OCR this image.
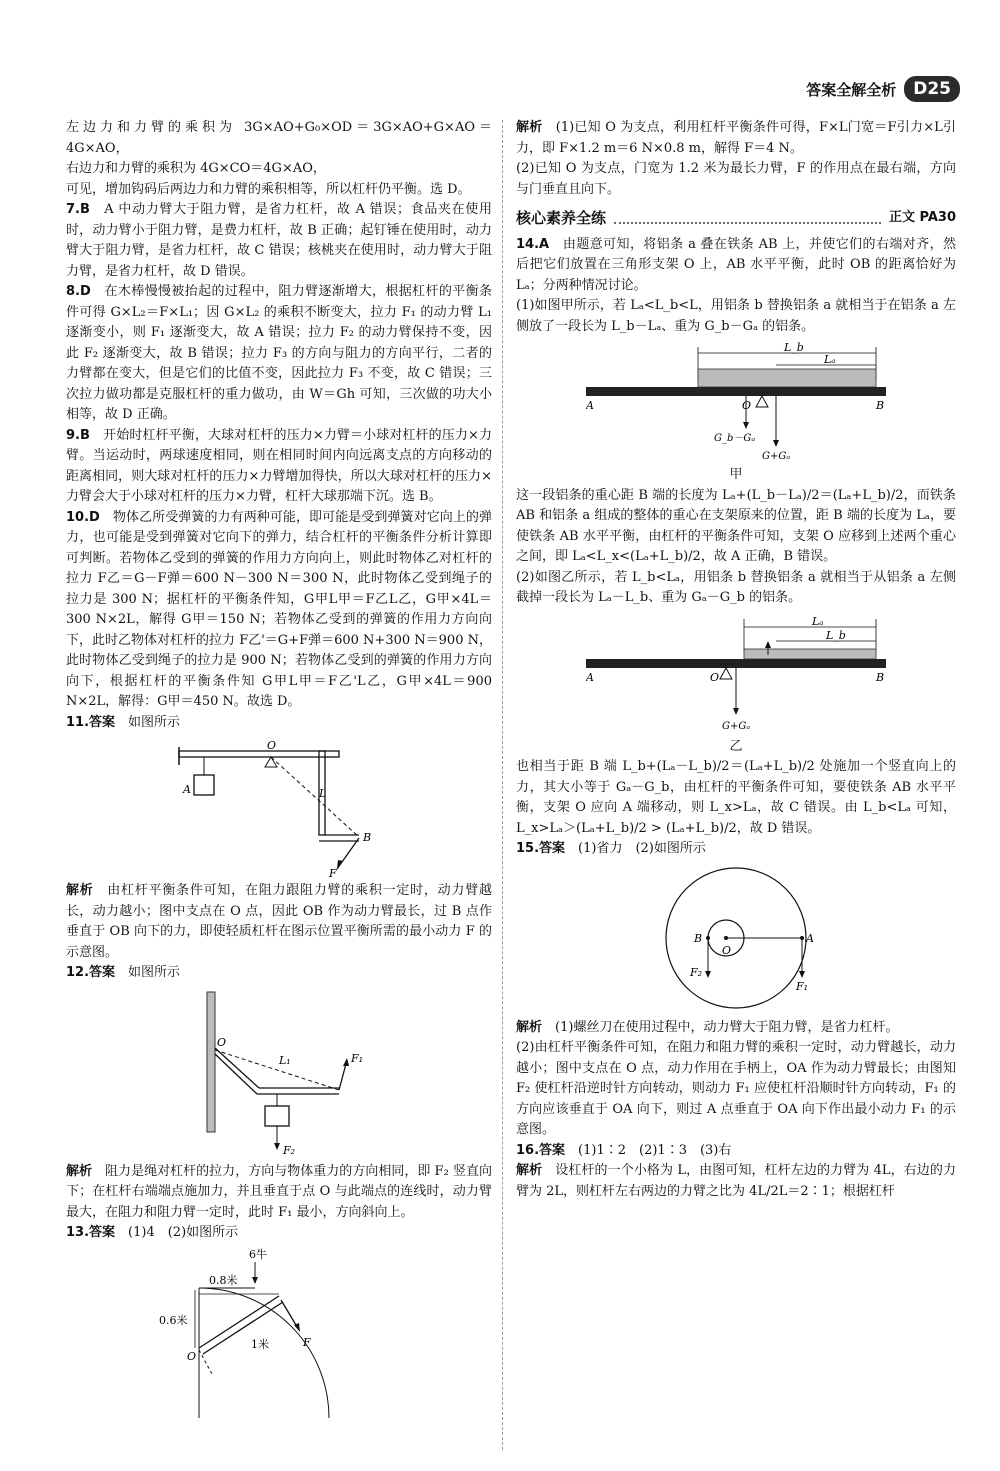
答案全解全析	D25

左边力和力臂的乘积为 3G×AO+G₀×OD＝3G×AO+G×AO＝4G×AO，

右边力和力臂的乘积为 4G×CO＝4G×AO，

可见，增加钩码后两边力和力臂的乘积相等，所以杠杆仍平衡。选 D。

7.B　 A 中动力臂大于阻力臂，是省力杠杆，故 A 错误；食品夹在使用时，动力臂小于阻力臂，是费力杠杆，故 B 正确；起钉锤在使用时，动力臂大于阻力臂，是省力杠杆，故 C 错误；核桃夹在使用时，动力臂大于阻力臂，是省力杠杆，故 D 错误。

8.D　 在木棒慢慢被抬起的过程中，阻力臂逐渐增大，根据杠杆的平衡条件可得 G×L₂＝F×L₁；因 G×L₂ 的乘积不断变大，拉力 F₁ 的动力臂 L₁ 逐渐变小，则 F₁ 逐渐变大，故 A 错误；拉力 F₂ 的动力臂保持不变，因此 F₂ 逐渐变大，故 B 错误；拉力 F₃ 的方向与阻力的方向平行，二者的力臂都在变大，但是它们的比值不变，因此拉力 F₃ 不变，故 C 错误；三次拉力做功都是克服杠杆的重力做功，由 W＝Gh 可知，三次做的功大小相等，故 D 正确。

9.B　 开始时杠杆平衡，大球对杠杆的压力×力臂＝小球对杠杆的压力×力臂。当运动时，两球速度相同，则在相同时间内向远离支点的方向移动的距离相同，则大球对杠杆的压力×力臂增加得快，所以大球对杠杆的压力×力臂会大于小球对杠杆的压力×力臂，杠杆大球那端下沉。选 B。

10.D　 物体乙所受弹簧的力有两种可能，即可能是受到弹簧对它向上的弹力，也可能是受到弹簧对它向下的弹力，结合杠杆的平衡条件分析计算即可判断。若物体乙受到的弹簧的作用力方向向上，则此时物体乙对杠杆的拉力 F乙＝G－F弹＝600 N－300 N＝300 N，此时物体乙受到绳子的拉力是 300 N；据杠杆的平衡条件知，G甲L甲＝F乙L乙，G甲×4L＝300 N×2L，解得 G甲＝150 N；若物体乙受到的弹簧的作用力方向向下，此时乙物体对杠杆的拉力 F乙'＝G+F弹＝600 N+300 N＝900 N，此时物体乙受到绳子的拉力是 900 N；若物体乙受到的弹簧的作用力方向向下，根据杠杆的平衡条件知 G甲L甲＝F乙'L乙，G甲×4L＝900 N×2L，解得：G甲＝450 N。故选 D。

11.答案　 如图所示

O
A
B
L
F

解析　 由杠杆平衡条件可知，在阻力跟阻力臂的乘积一定时，动力臂越长，动力越小；图中支点在 O 点，因此 OB 作为动力臂最长，过 B 点作垂直于 OB 向下的力，即使轻质杠杆在图示位置平衡所需的最小动力 F 的示意图。

12.答案　 如图所示

O
L₁	F₁
F₂

解析　 阻力是绳对杠杆的拉力，方向与物体重力的方向相同，即 F₂ 竖直向下；在杠杆右端端点施加力，并且垂直于点 O 与此端点的连线时，动力臂最大，在阻力和阻力臂一定时，此时 F₁ 最小，方向斜向上。

13.答案　 (1)4　(2)如图所示

6牛
0.8米
0.6米
1米
O
F

解析　 (1)已知 O 为支点，利用杠杆平衡条件可得，F×L门宽＝F引力×L引力，即 F×1.2 m＝6 N×0.8 m，解得 F＝4 N。

(2)已知 O 为支点，门宽为 1.2 米为最长力臂，F 的作用点在最右端，方向与门垂直且向下。

核心素养全练	正文 PA30

14.A　 由题意可知，将铝条 a 叠在铁条 AB 上，并使它们的右端对齐，然后把它们放置在三角形支架 O 上，AB 水平平衡，此时 OB 的距离恰好为 Lₐ；分两种情况讨论。

(1)如图甲所示，若 Lₐ<L_b<L，用铝条 b 替换铝条 a 就相当于在铝条 a 左侧放了一段长为 L_b－Lₐ、重为 G_b－Gₐ 的铝条。

L_b
Lₐ
A	O	B
G_b－Gₐ
G+Gₐ

甲

这一段铝条的重心距 B 端的长度为 Lₐ+(L_b－Lₐ)/2＝(Lₐ+L_b)/2，而铁条 AB 和铝条 a 组成的整体的重心在支架原来的位置，距 B 端的长度为 Lₐ，要使铁条 AB 水平平衡，由杠杆的平衡条件可知，支架 O 应移到上述两个重心之间，即 Lₐ<L_x<(Lₐ+L_b)/2，故 A 正确，B 错误。

(2)如图乙所示，若 L_b<Lₐ，用铝条 b 替换铝条 a 就相当于从铝条 a 左侧截掉一段长为 Lₐ－L_b、重为 Gₐ－G_b 的铝条。

Lₐ
L_b
A	O	B
G+Gₐ

乙

也相当于距 B 端 L_b+(Lₐ－L_b)/2＝(Lₐ+L_b)/2 处施加一个竖直向上的力，其大小等于 Gₐ－G_b，由杠杆的平衡条件可知，要使铁条 AB 水平平衡，支架 O 应向 A 端移动，则 L_x>Lₐ，故 C 错误。由 L_b<Lₐ 可知，L_x>Lₐ＞(Lₐ+L_b)/2 > (Lₐ+L_b)/2，故 D 错误。

15.答案　 (1)省力　(2)如图所示

B
O
A
F₂
F₁

解析　 (1)螺丝刀在使用过程中，动力臂大于阻力臂，是省力杠杆。

(2)由杠杆平衡条件可知，在阻力和阻力臂的乘积一定时，动力臂越长，动力越小；图中支点在 O 点，动力作用在手柄上，OA 作为动力臂最长；由图知 F₂ 使杠杆沿逆时针方向转动，则动力 F₁ 应使杠杆沿顺时针方向转动，F₁ 的方向应该垂直于 OA 向下，则过 A 点垂直于 OA 向下作出最小动力 F₁ 的示意图。

16.答案　 (1)1∶2　(2)1∶3　(3)右

解析　 设杠杆的一个小格为 L，由图可知，杠杆左边的力臂为 4L，右边的力臂为 2L，则杠杆左右两边的力臂之比为 4L/2L＝2∶1；根据杠杆
